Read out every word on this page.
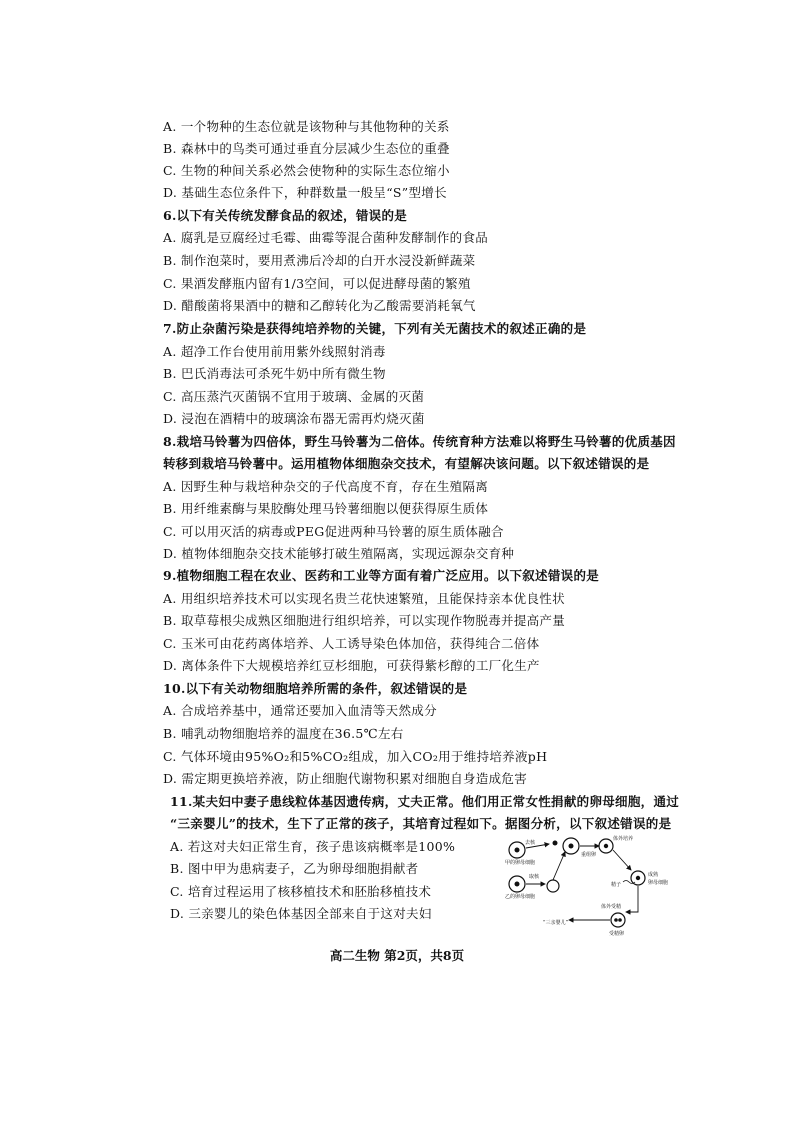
A. 一个物种的生态位就是该物种与其他物种的关系
B. 森林中的鸟类可通过垂直分层减少生态位的重叠
C. 生物的种间关系必然会使物种的实际生态位缩小
D. 基础生态位条件下，种群数量一般呈“S”型增长
6.以下有关传统发酵食品的叙述，错误的是
A. 腐乳是豆腐经过毛霉、曲霉等混合菌种发酵制作的食品
B. 制作泡菜时，要用煮沸后冷却的白开水浸没新鲜蔬菜
C. 果酒发酵瓶内留有1/3空间，可以促进酵母菌的繁殖
D. 醋酸菌将果酒中的糖和乙醇转化为乙酸需要消耗氧气
7.防止杂菌污染是获得纯培养物的关键，下列有关无菌技术的叙述正确的是
A. 超净工作台使用前用紫外线照射消毒
B. 巴氏消毒法可杀死牛奶中所有微生物
C. 高压蒸汽灭菌锅不宜用于玻璃、金属的灭菌
D. 浸泡在酒精中的玻璃涂布器无需再灼烧灭菌
8.栽培马铃薯为四倍体，野生马铃薯为二倍体。传统育种方法难以将野生马铃薯的优质基因
转移到栽培马铃薯中。运用植物体细胞杂交技术，有望解决该问题。以下叙述错误的是
A. 因野生种与栽培种杂交的子代高度不育，存在生殖隔离
B. 用纤维素酶与果胶酶处理马铃薯细胞以便获得原生质体
C. 可以用灭活的病毒或PEG促进两种马铃薯的原生质体融合
D. 植物体细胞杂交技术能够打破生殖隔离，实现远源杂交育种
9.植物细胞工程在农业、医药和工业等方面有着广泛应用。以下叙述错误的是
A. 用组织培养技术可以实现名贵兰花快速繁殖，且能保持亲本优良性状
B. 取草莓根尖成熟区细胞进行组织培养，可以实现作物脱毒并提高产量
C. 玉米可由花药离体培养、人工诱导染色体加倍，获得纯合二倍体
D. 离体条件下大规模培养红豆杉细胞，可获得紫杉醇的工厂化生产
10.以下有关动物细胞培养所需的条件，叙述错误的是
A. 合成培养基中，通常还要加入血清等天然成分
B. 哺乳动物细胞培养的温度在36.5℃左右
C. 气体环境由95%O₂和5%CO₂组成，加入CO₂用于维持培养液pH
D. 需定期更换培养液，防止细胞代谢物积累对细胞自身造成危害
11.某夫妇中妻子患线粒体基因遗传病，丈夫正常。他们用正常女性捐献的卵母细胞，通过
“三亲婴儿”的技术，生下了正常的孩子，其培育过程如下。据图分析，以下叙述错误的是
A. 若这对夫妇正常生育，孩子患该病概率是100%
B. 图中甲为患病妻子，乙为卵母细胞捐献者
C. 培育过程运用了核移植技术和胚胎移植技术
D. 三亲婴儿的染色体基因全部来自于这对夫妇
去核
甲的卵母细胞
重组卵
体外培养
取核
乙的卵母细胞
精子
成熟
卵母细胞
体外受精
受精卵
“三亲婴儿”
高二生物 第2页，共8页
